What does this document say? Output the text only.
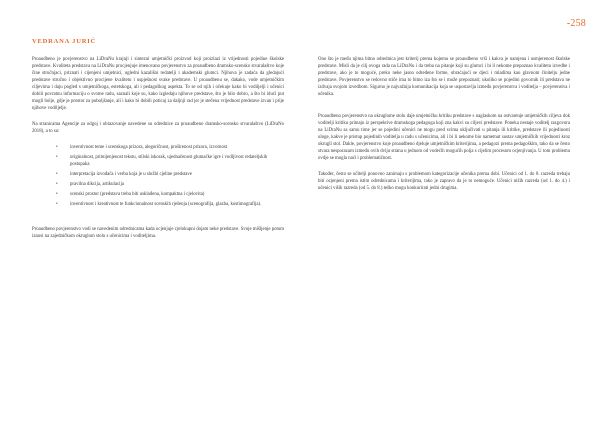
-258
VEDRANA JURIĆ

Proaudbeno je povjerenstvo na LiDraNu krajnji i sintezni umjetnički proizvod koji proizlazi iz vrijednosti pojedine školske predstave. Kvaliteta predstava na LiDraNu procjenjuje imenovano povjerenstvo za proaudbeno dramsko-scensko stvaralaštvo koje čine stručnjaci, priznati i cijenjeni umjetnici, ugledni kazališni redatelji i akademski glumci. Njihova je zadaća da gledajući predstave stručno i objektivno procijene kvalitetu i uspješnost svake predstave. U proaudbenu se, dakako, vode umjetničkim ciljevima i daju pogled s umjetničkoga, estetskoga, ali i pedagoškog aspekta. To se od njih i očekuje kako bi vodiljelji i učenici dobili povratnu informaciju o svome radu, saznali koje su, kako izgledaju njihove predstave, što je bilo dobro, a što bi idući put mogli bolje, gdje je prostor za poboljšanje, ali i kako bi dobili poticaj za daljnji rad jer je stečena vrijednost predstave izvan i prije njihove vodiljelje.

Na stranicama Agencije za odgoj i obrazovanje navedene su odrednice za proaudbeno dramsko-scensko stvaralaštvo (LiDraNo 2018), a to su:

• inventivnost teme i scenskoga prizora, alegoričnost, proširenost prizora, izvornost
• originalnost, primijenjenost tekstu, stilski iskorak, ujednačenost glumačke igre i vodljivost redateljskih postupaka
• interpretacija izvođača i verba koja je u službi cjeline predstave
• pravilna dikcija, artikulacija
• scenski prostor (predstava treba biti usklađena, kompaktna i cjelovita)
• inventivnost i kreativnost te funkcionalnost scenskih rješenja (scenografija, glazba, kostimografija).

Proaudbeno povjerenstvo vodi se navedenim odrednicama kada ocjenjuje cjelokupni dojam neke predstave. Svoje mišljenje potom iznosi na zajedničkom okruglom stolu s učenicima i voditeljima.

Ono što je među njima bitno odrednica jest kriterij prema kojemu se proaudbeno vrši i kakva je namjena i usmjerenost školske predstave. Misli da je cilj ovoga rada na LiDraNu i da treba na pitanje koji su glumci i bi li nekome prepoznao kvalitetu izvedbe i predstave, ako je to moguće, preko neke jasno određene forme, obraćajući se djeci i mladima kao glavnom činitelju jedne predstave. Povjerenstvo se redovno stiče ima to bitno iza što se i može prepoznati; ukoliko se pojedini govornik ili predstava ne izdvaja svojom izvedbom. Sigurno je najvažnija komunikacija koja se uspostavlja između povjerenstva i voditelja – povjerenstva i učenika.

Proaudbeno povjerenstvo na okruglome stolu daje umjetničku kritiku predstave s naglaskom na ostvarenje umjetničkih ciljeva dok voditelji kritiku primaju iz perspektive dramskoga pedagoga koji zna kakvi su ciljevi predstave. Poneka nestaje voditelj razgovora na LiDraNu sa samo time jer se pojedini učenici ne mogu pred svima uključivati u pitanja ili kritike, predstave ili pojedinosti uloge, kakve je pristup pojedinih voditelja u radu s učenicima, ali i bi li nekome bio nametnut sustav umjetničkih vrijednosti kroz okrugli stol. Dakle, povjerenstvo koje proaudbeno djeluje umjetničkim kriterijima, a pedagozi prema pedagoškim, tako da se često stvara nesporazum između ovih dviju strana u jednom od vodećih mogućih polja s cijelim procesom ocjenjivanja. U tom problemu ovdje se mogla naći i problematičnost.

Također, često se učitelji ponovno zanimaju s problemom kategorizacije učenika prema dobi. Učenici od 1. do 8. razreda trebaju biti ocjenjeni prema istim odrednicama i kriterijima, tako je zapravo da je to nemoguće. Učenici nižih razreda (od 1. do 4.) i učenici viših razreda (od 5. do 8.) teško mogu konkurirati jedni drugima.
